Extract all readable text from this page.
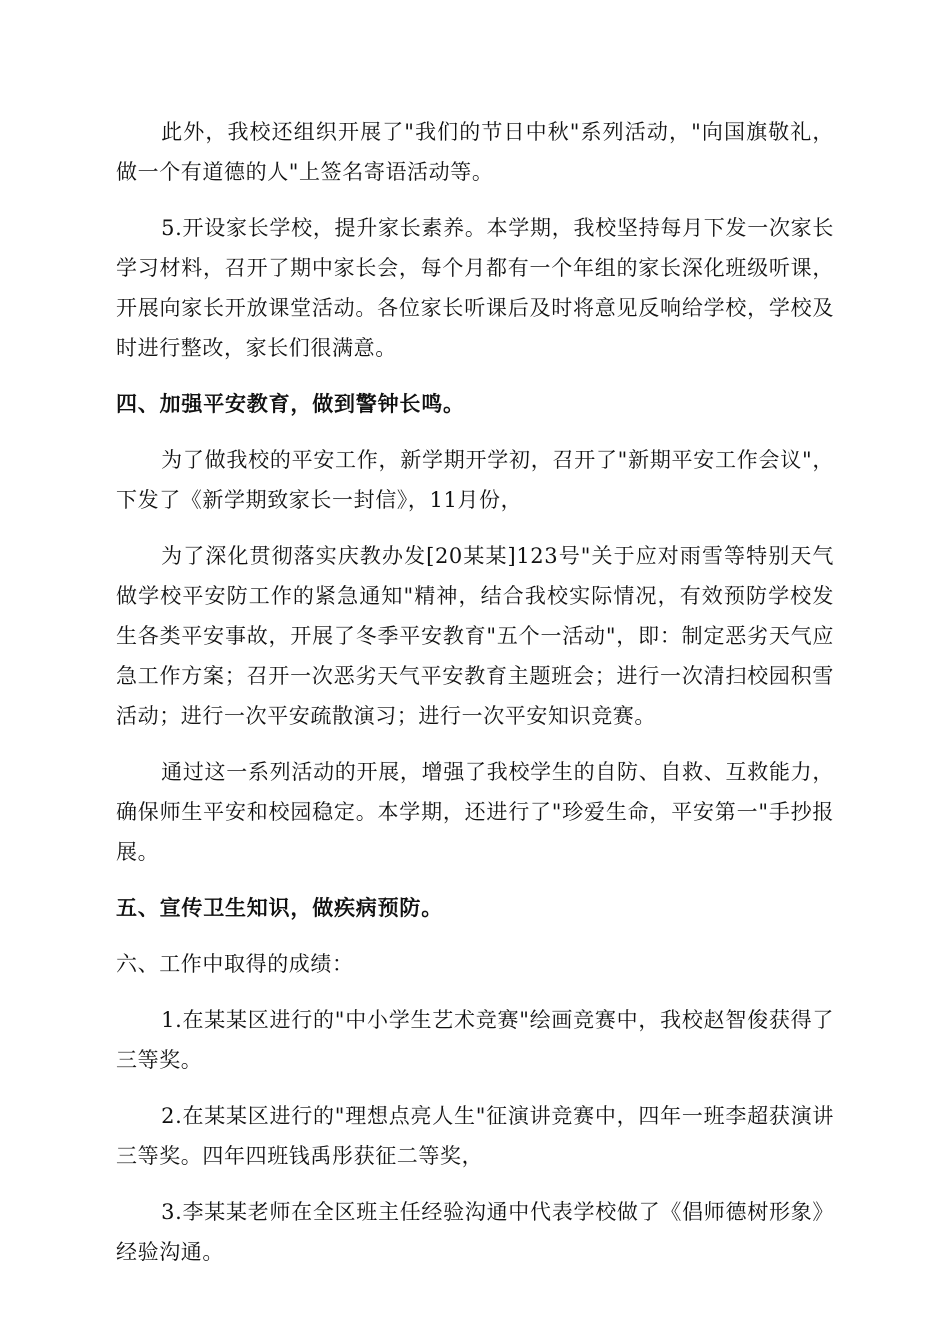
此外，我校还组织开展了"我们的节日中秋"系列活动，"向国旗敬礼，做一个有道德的人"上签名寄语活动等。

5.开设家长学校，提升家长素养。本学期，我校坚持每月下发一次家长学习材料，召开了期中家长会，每个月都有一个年组的家长深化班级听课，开展向家长开放课堂活动。各位家长听课后及时将意见反响给学校，学校及时进行整改，家长们很满意。

四、加强平安教育，做到警钟长鸣。

为了做我校的平安工作，新学期开学初，召开了"新期平安工作会议"，下发了《新学期致家长一封信》，11月份，

为了深化贯彻落实庆教办发[20某某]123号"关于应对雨雪等特别天气做学校平安防工作的紧急通知"精神，结合我校实际情况，有效预防学校发生各类平安事故，开展了冬季平安教育"五个一活动"，即：制定恶劣天气应急工作方案；召开一次恶劣天气平安教育主题班会；进行一次清扫校园积雪活动；进行一次平安疏散演习；进行一次平安知识竞赛。

通过这一系列活动的开展，增强了我校学生的自防、自救、互救能力，确保师生平安和校园稳定。本学期，还进行了"珍爱生命，平安第一"手抄报展。

五、宣传卫生知识，做疾病预防。

六、工作中取得的成绩：

1.在某某区进行的"中小学生艺术竞赛"绘画竞赛中，我校赵智俊获得了三等奖。

2.在某某区进行的"理想点亮人生"征演讲竞赛中，四年一班李超获演讲三等奖。四年四班钱禹彤获征二等奖，

3.李某某老师在全区班主任经验沟通中代表学校做了《倡师德树形象》经验沟通。
